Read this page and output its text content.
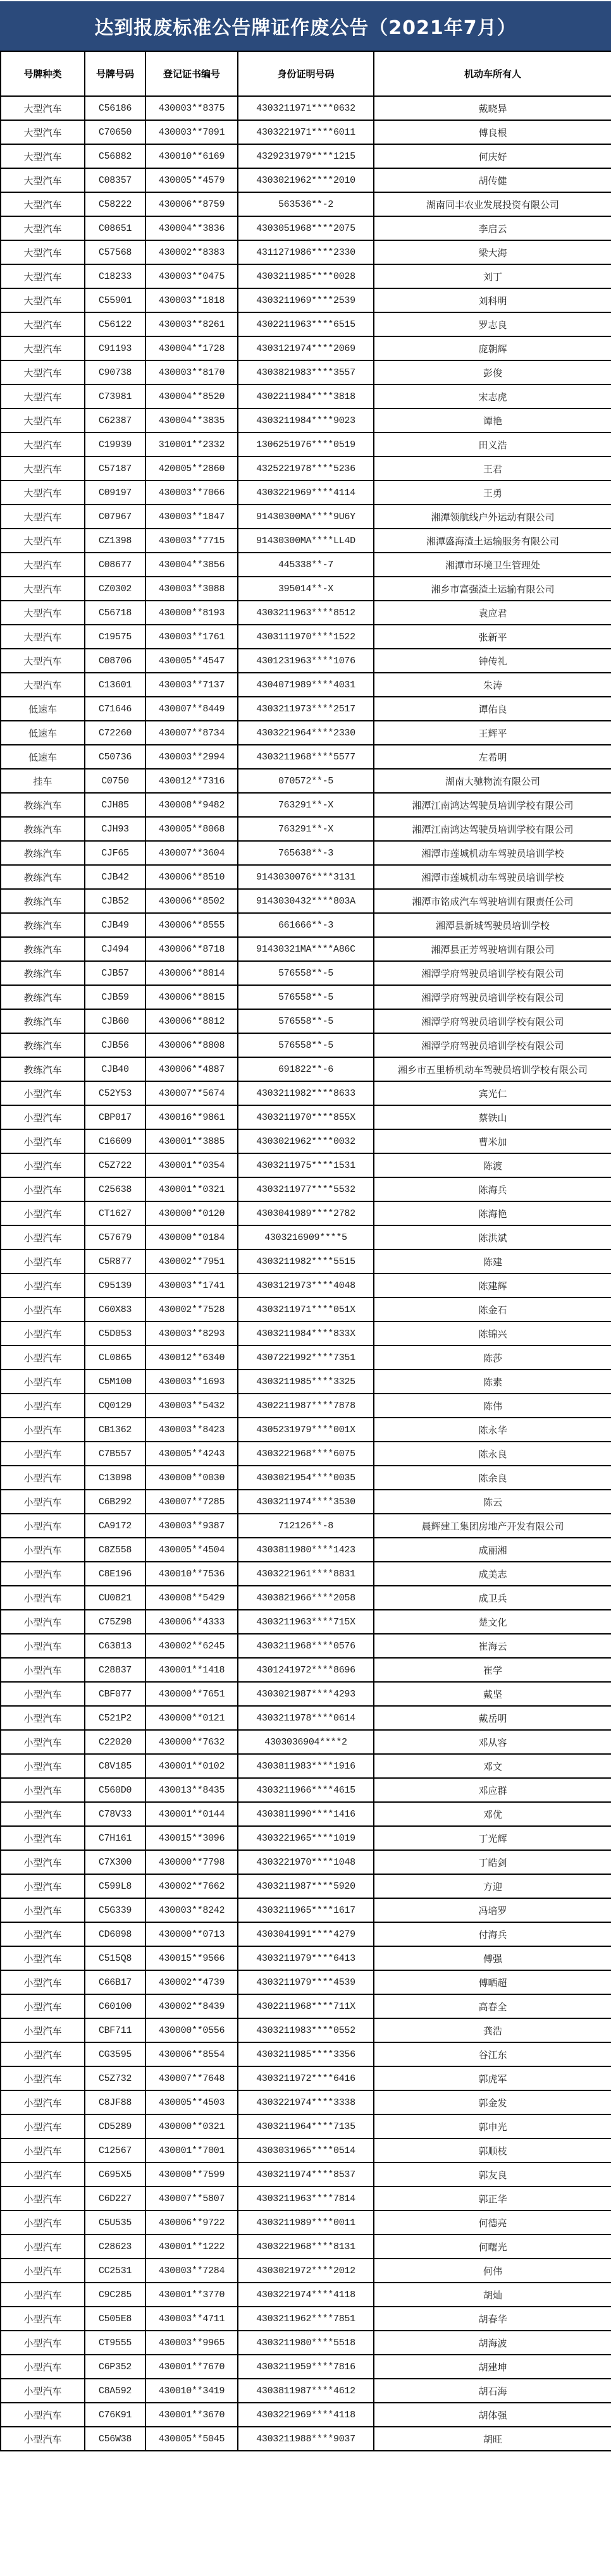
达到报废标准公告牌证作废公告（2021年7月）
号牌种类	号牌号码	登记证书编号	身份证明号码	机动车所有人
大型汽车	C56186	430003**8375	4303211971****0632	戴晓异
大型汽车	C70650	430003**7091	4303221971****6011	傅良根
大型汽车	C56882	430010**6169	4329231979****1215	何庆好
大型汽车	C08357	430005**4579	4303021962****2010	胡传健
大型汽车	C58222	430006**8759	563536**-2	湖南同丰农业发展投资有限公司
大型汽车	C08651	430004**3836	4303051968****2075	李启云
大型汽车	C57568	430002**8383	4311271986****2330	梁大海
大型汽车	C18233	430003**0475	4303211985****0028	刘丁
大型汽车	C55901	430003**1818	4303211969****2539	刘科明
大型汽车	C56122	430003**8261	4302211963****6515	罗志良
大型汽车	C91193	430004**1728	4303121974****2069	庞朝辉
大型汽车	C90738	430003**8170	4303821983****3557	彭俊
大型汽车	C73981	430004**8520	4302211984****3818	宋志虎
大型汽车	C62387	430004**3835	4303211984****9023	谭艳
大型汽车	C19939	310001**2332	1306251976****0519	田义浩
大型汽车	C57187	420005**2860	4325221978****5236	王君
大型汽车	C09197	430003**7066	4303221969****4114	王勇
大型汽车	C07967	430003**1847	91430300MA****9U6Y	湘潭领航线户外运动有限公司
大型汽车	CZ1398	430003**7715	91430300MA****LL4D	湘潭盛海渣土运输服务有限公司
大型汽车	C08677	430004**3856	445338**-7	湘潭市环境卫生管理处
大型汽车	CZ0302	430003**3088	395014**-X	湘乡市富强渣土运输有限公司
大型汽车	C56718	430000**8193	4303211963****8512	袁应君
大型汽车	C19575	430003**1761	4303111970****1522	张新平
大型汽车	C08706	430005**4547	4301231963****1076	钟传礼
大型汽车	C13601	430003**7137	4304071989****4031	朱涛
低速车	C71646	430007**8449	4303211973****2517	谭佑良
低速车	C72260	430007**8734	4303221964****2330	王辉平
低速车	C50736	430003**2994	4303211968****5577	左希明
挂车	C0750	430012**7316	070572**-5	湖南大驰物流有限公司
教练汽车	CJH85	430008**9482	763291**-X	湘潭江南鸿达驾驶员培训学校有限公司
教练汽车	CJH93	430005**8068	763291**-X	湘潭江南鸿达驾驶员培训学校有限公司
教练汽车	CJF65	430007**3604	765638**-3	湘潭市莲城机动车驾驶员培训学校
教练汽车	CJB42	430006**8510	9143030076****3131	湘潭市莲城机动车驾驶员培训学校
教练汽车	CJB52	430006**8502	9143030432****803A	湘潭市铭成汽车驾驶培训有限责任公司
教练汽车	CJB49	430006**8555	661666**-3	湘潭县新城驾驶员培训学校
教练汽车	CJ494	430006**8718	91430321MA****A86C	湘潭县正芳驾驶培训有限公司
教练汽车	CJB57	430006**8814	576558**-5	湘潭学府驾驶员培训学校有限公司
教练汽车	CJB59	430006**8815	576558**-5	湘潭学府驾驶员培训学校有限公司
教练汽车	CJB60	430006**8812	576558**-5	湘潭学府驾驶员培训学校有限公司
教练汽车	CJB56	430006**8808	576558**-5	湘潭学府驾驶员培训学校有限公司
教练汽车	CJB40	430006**4887	691822**-6	湘乡市五里桥机动车驾驶员培训学校有限公司
小型汽车	C52Y53	430007**5674	4303211982****8633	宾光仁
小型汽车	CBP017	430016**9861	4303211970****855X	蔡铁山
小型汽车	C16609	430001**3885	4303021962****0032	曹米加
小型汽车	C5Z722	430001**0354	4303211975****1531	陈渡
小型汽车	C25638	430001**0321	4303211977****5532	陈海兵
小型汽车	CT1627	430000**0120	4303041989****2782	陈海艳
小型汽车	C57679	430000**0184	4303216909****5	陈洪斌
小型汽车	C5R877	430002**7951	4303211982****5515	陈建
小型汽车	C95139	430003**1741	4303121973****4048	陈建辉
小型汽车	C60X83	430002**7528	4303211971****051X	陈金石
小型汽车	C5D053	430003**8293	4303211984****833X	陈锦兴
小型汽车	CL0865	430012**6340	4307221992****7351	陈莎
小型汽车	C5M100	430003**1693	4303211985****3325	陈素
小型汽车	CQ0129	430003**5432	4302211987****7878	陈伟
小型汽车	CB1362	430003**8423	4305231979****001X	陈永华
小型汽车	C7B557	430005**4243	4303221968****6075	陈永良
小型汽车	C13098	430000**0030	4303021954****0035	陈余良
小型汽车	C6B292	430007**7285	4303211974****3530	陈云
小型汽车	CA9172	430003**9387	712126**-8	晨辉建工集团房地产开发有限公司
小型汽车	C8Z558	430005**4504	4303811980****1423	成丽湘
小型汽车	C8E196	430010**7536	4303221961****8831	成美志
小型汽车	CU0821	430008**5429	4303821966****2058	成卫兵
小型汽车	C75Z98	430006**4333	4303211963****715X	楚文化
小型汽车	C63813	430002**6245	4303211968****0576	崔海云
小型汽车	C28837	430001**1418	4301241972****8696	崔学
小型汽车	CBF077	430000**7651	4303021987****4293	戴坚
小型汽车	C521P2	430000**0121	4303211978****0614	戴岳明
小型汽车	C22020	430000**7632	4303036904****2	邓从容
小型汽车	C8V185	430001**0102	4303811983****1916	邓文
小型汽车	C560D0	430013**8435	4303211966****4615	邓应群
小型汽车	C78V33	430001**0144	4303811990****1416	邓优
小型汽车	C7H161	430015**3096	4303221965****1019	丁光辉
小型汽车	C7X300	430000**7798	4303221970****1048	丁皓剑
小型汽车	C599L8	430002**7662	4303211987****5920	方迎
小型汽车	C5G339	430003**8242	4303211965****1617	冯培罗
小型汽车	CD6098	430000**0713	4303041991****4279	付海兵
小型汽车	C515Q8	430015**9566	4303211979****6413	傅强
小型汽车	C66B17	430002**4739	4303211979****4539	傅晒超
小型汽车	C60100	430002**8439	4302211968****711X	高春全
小型汽车	CBF711	430000**0556	4303211983****0552	龚浩
小型汽车	CG3595	430006**8554	4303211985****3356	谷江东
小型汽车	C5Z732	430007**7648	4303211972****6416	郭虎军
小型汽车	C8JF88	430005**4503	4303221974****3338	郭金发
小型汽车	CD5289	430000**0321	4303211964****7135	郭申光
小型汽车	C12567	430001**7001	4303031965****0514	郭顺枝
小型汽车	C695X5	430000**7599	4303211974****8537	郭友良
小型汽车	C6D227	430007**5807	4303211963****7814	郭正华
小型汽车	C5U535	430006**9722	4303211989****0011	何德亮
小型汽车	C28623	430001**1222	4303221968****8131	何曙光
小型汽车	CC2531	430003**7284	4303021972****2012	何伟
小型汽车	C9C285	430001**3770	4303221974****4118	胡灿
小型汽车	C505E8	430003**4711	4303211962****7851	胡春华
小型汽车	CT9555	430003**9965	4303211980****5518	胡海波
小型汽车	C6P352	430001**7670	4303211959****7816	胡建坤
小型汽车	C8A592	430010**3419	4303811987****4612	胡石海
小型汽车	C76K91	430001**3670	4303221969****4118	胡体强
小型汽车	C56W38	430005**5045	4303211988****9037	胡旺
